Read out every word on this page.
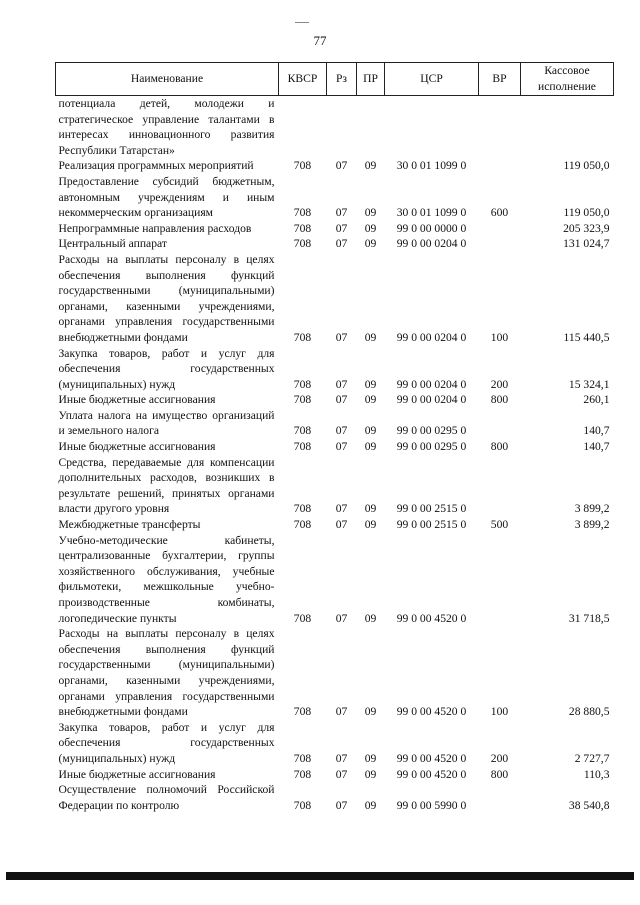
77
Наименование	КВСР	Рз	ПР	ЦСР	ВР	Кассовое исполнение
потенциала детей, молодежи и стратегическое управление талантами в интересах инновационного развития Республики Татарстан»						
Реализация программных мероприятий	708	07	09	30 0 01 1099 0		119 050,0
Предоставление субсидий бюджетным, автономным учреждениям и иным некоммерческим организациям	708	07	09	30 0 01 1099 0	600	119 050,0
Непрограммные направления расходов	708	07	09	99 0 00 0000 0		205 323,9
Центральный аппарат	708	07	09	99 0 00 0204 0		131 024,7
Расходы на выплаты персоналу в целях обеспечения выполнения функций государственными (муниципальными) органами, казенными учреждениями, органами управления государственными внебюджетными фондами	708	07	09	99 0 00 0204 0	100	115 440,5
Закупка товаров, работ и услуг для обеспечения государственных (муниципальных) нужд	708	07	09	99 0 00 0204 0	200	15 324,1
Иные бюджетные ассигнования	708	07	09	99 0 00 0204 0	800	260,1
Уплата налога на имущество организаций и земельного налога	708	07	09	99 0 00 0295 0		140,7
Иные бюджетные ассигнования	708	07	09	99 0 00 0295 0	800	140,7
Средства, передаваемые для компенсации дополнительных расходов, возникших в результате решений, принятых органами власти другого уровня	708	07	09	99 0 00 2515 0		3 899,2
Межбюджетные трансферты	708	07	09	99 0 00 2515 0	500	3 899,2
Учебно-методические кабинеты, централизованные бухгалтерии, группы хозяйственного обслуживания, учебные фильмотеки, межшкольные учебно-производственные комбинаты, логопедические пункты	708	07	09	99 0 00 4520 0		31 718,5
Расходы на выплаты персоналу в целях обеспечения выполнения функций государственными (муниципальными) органами, казенными учреждениями, органами управления государственными внебюджетными фондами	708	07	09	99 0 00 4520 0	100	28 880,5
Закупка товаров, работ и услуг для обеспечения государственных (муниципальных) нужд	708	07	09	99 0 00 4520 0	200	2 727,7
Иные бюджетные ассигнования	708	07	09	99 0 00 4520 0	800	110,3
Осуществление полномочий Российской Федерации по контролю	708	07	09	99 0 00 5990 0		38 540,8
